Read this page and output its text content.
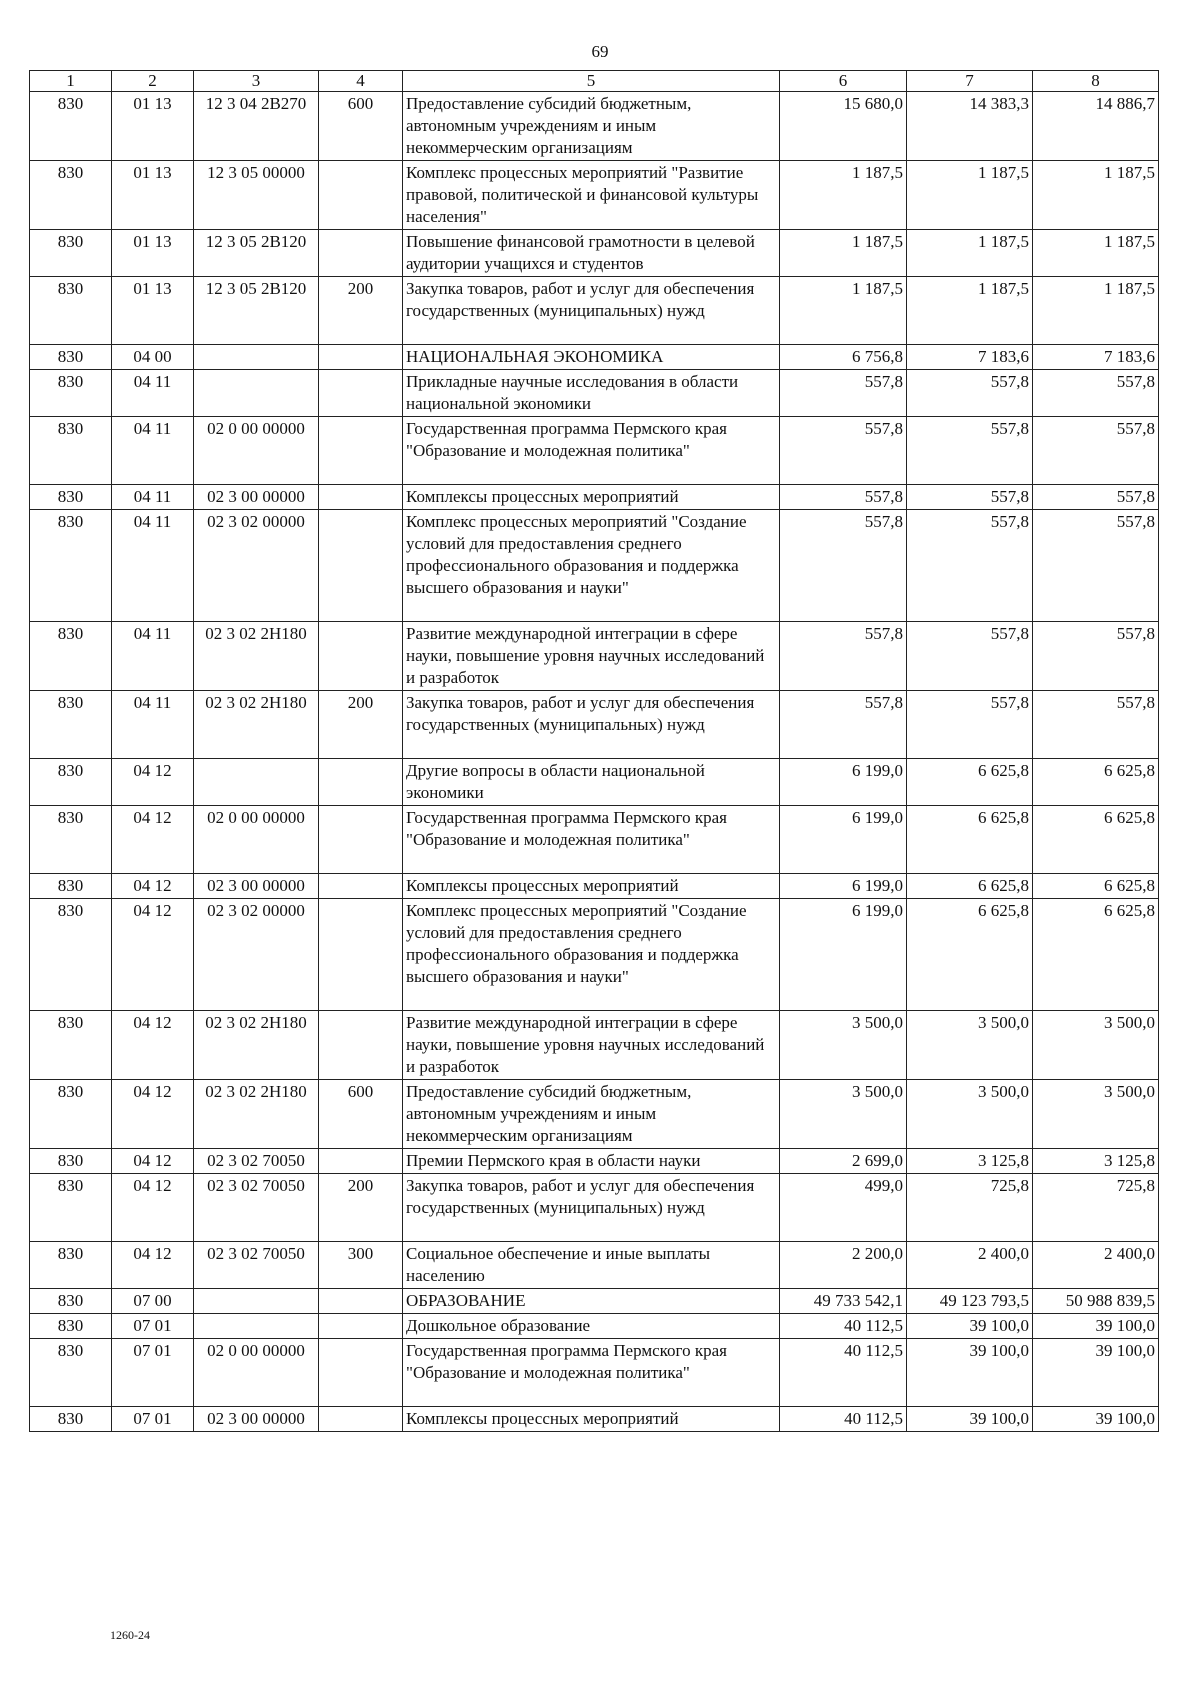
69
1	2	3	4	5	6	7	8
830	01 13	12 3 04 2В270	600	Предоставление субсидий бюджетным, автономным учреждениям и иным некоммерческим организациям	15 680,0	14 383,3	14 886,7
830	01 13	12 3 05 00000		Комплекс процессных мероприятий "Развитие правовой, политической и финансовой культуры населения"	1 187,5	1 187,5	1 187,5
830	01 13	12 3 05 2В120		Повышение финансовой грамотности в целевой аудитории учащихся и студентов	1 187,5	1 187,5	1 187,5
830	01 13	12 3 05 2В120	200	Закупка товаров, работ и услуг для обеспечения государственных (муниципальных) нужд	1 187,5	1 187,5	1 187,5
830	04 00			НАЦИОНАЛЬНАЯ ЭКОНОМИКА	6 756,8	7 183,6	7 183,6
830	04 11			Прикладные научные исследования в области национальной экономики	557,8	557,8	557,8
830	04 11	02 0 00 00000		Государственная программа Пермского края "Образование и молодежная политика"	557,8	557,8	557,8
830	04 11	02 3 00 00000		Комплексы процессных мероприятий	557,8	557,8	557,8
830	04 11	02 3 02 00000		Комплекс процессных мероприятий "Создание условий для предоставления среднего профессионального образования и поддержка высшего образования и науки"	557,8	557,8	557,8
830	04 11	02 3 02 2Н180		Развитие международной интеграции в сфере науки, повышение уровня научных исследований и разработок	557,8	557,8	557,8
830	04 11	02 3 02 2Н180	200	Закупка товаров, работ и услуг для обеспечения государственных (муниципальных) нужд	557,8	557,8	557,8
830	04 12			Другие вопросы в области национальной экономики	6 199,0	6 625,8	6 625,8
830	04 12	02 0 00 00000		Государственная программа Пермского края "Образование и молодежная политика"	6 199,0	6 625,8	6 625,8
830	04 12	02 3 00 00000		Комплексы процессных мероприятий	6 199,0	6 625,8	6 625,8
830	04 12	02 3 02 00000		Комплекс процессных мероприятий "Создание условий для предоставления среднего профессионального образования и поддержка высшего образования и науки"	6 199,0	6 625,8	6 625,8
830	04 12	02 3 02 2Н180		Развитие международной интеграции в сфере науки, повышение уровня научных исследований и разработок	3 500,0	3 500,0	3 500,0
830	04 12	02 3 02 2Н180	600	Предоставление субсидий бюджетным, автономным учреждениям и иным некоммерческим организациям	3 500,0	3 500,0	3 500,0
830	04 12	02 3 02 70050		Премии Пермского края в области науки	2 699,0	3 125,8	3 125,8
830	04 12	02 3 02 70050	200	Закупка товаров, работ и услуг для обеспечения государственных (муниципальных) нужд	499,0	725,8	725,8
830	04 12	02 3 02 70050	300	Социальное обеспечение и иные выплаты населению	2 200,0	2 400,0	2 400,0
830	07 00			ОБРАЗОВАНИЕ	49 733 542,1	49 123 793,5	50 988 839,5
830	07 01			Дошкольное образование	40 112,5	39 100,0	39 100,0
830	07 01	02 0 00 00000		Государственная программа Пермского края "Образование и молодежная политика"	40 112,5	39 100,0	39 100,0
830	07 01	02 3 00 00000		Комплексы процессных мероприятий	40 112,5	39 100,0	39 100,0
1260-24
